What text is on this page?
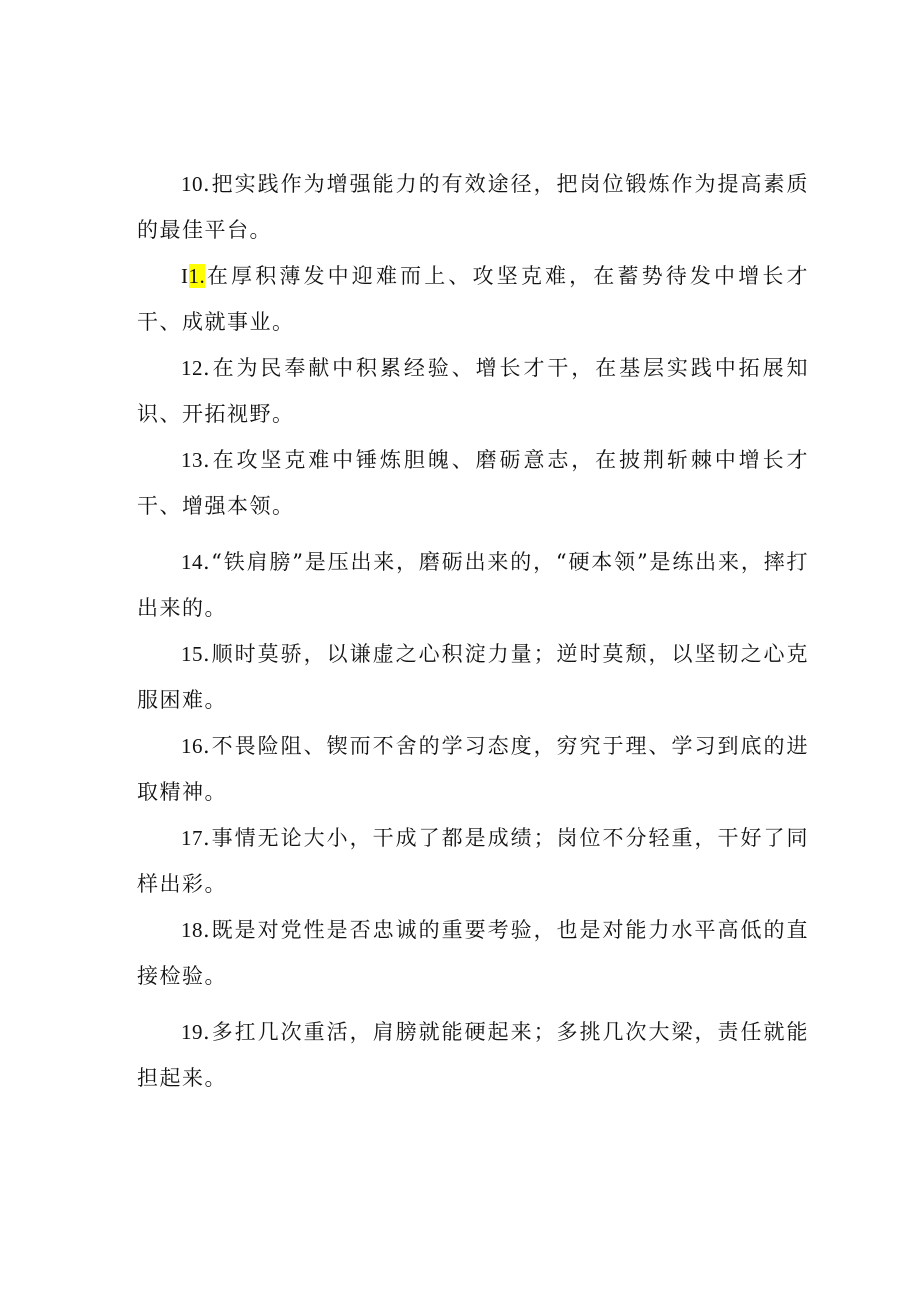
10.把实践作为增强能力的有效途径，把岗位锻炼作为提高素质的最佳平台。

I1.在厚积薄发中迎难而上、攻坚克难，在蓄势待发中增长才干、成就事业。

12.在为民奉献中积累经验、增长才干，在基层实践中拓展知识、开拓视野。

13.在攻坚克难中锤炼胆魄、磨砺意志，在披荆斩棘中增长才干、增强本领。

14.“铁肩膀”是压出来，磨砺出来的，“硬本领”是练出来，摔打出来的。

15.顺时莫骄，以谦虚之心积淀力量；逆时莫颓，以坚韧之心克服困难。

16.不畏险阻、锲而不舍的学习态度，穷究于理、学习到底的进取精神。

17.事情无论大小，干成了都是成绩；岗位不分轻重，干好了同样出彩。

18.既是对党性是否忠诚的重要考验，也是对能力水平高低的直接检验。

19.多扛几次重活，肩膀就能硬起来；多挑几次大梁，责任就能担起来。
